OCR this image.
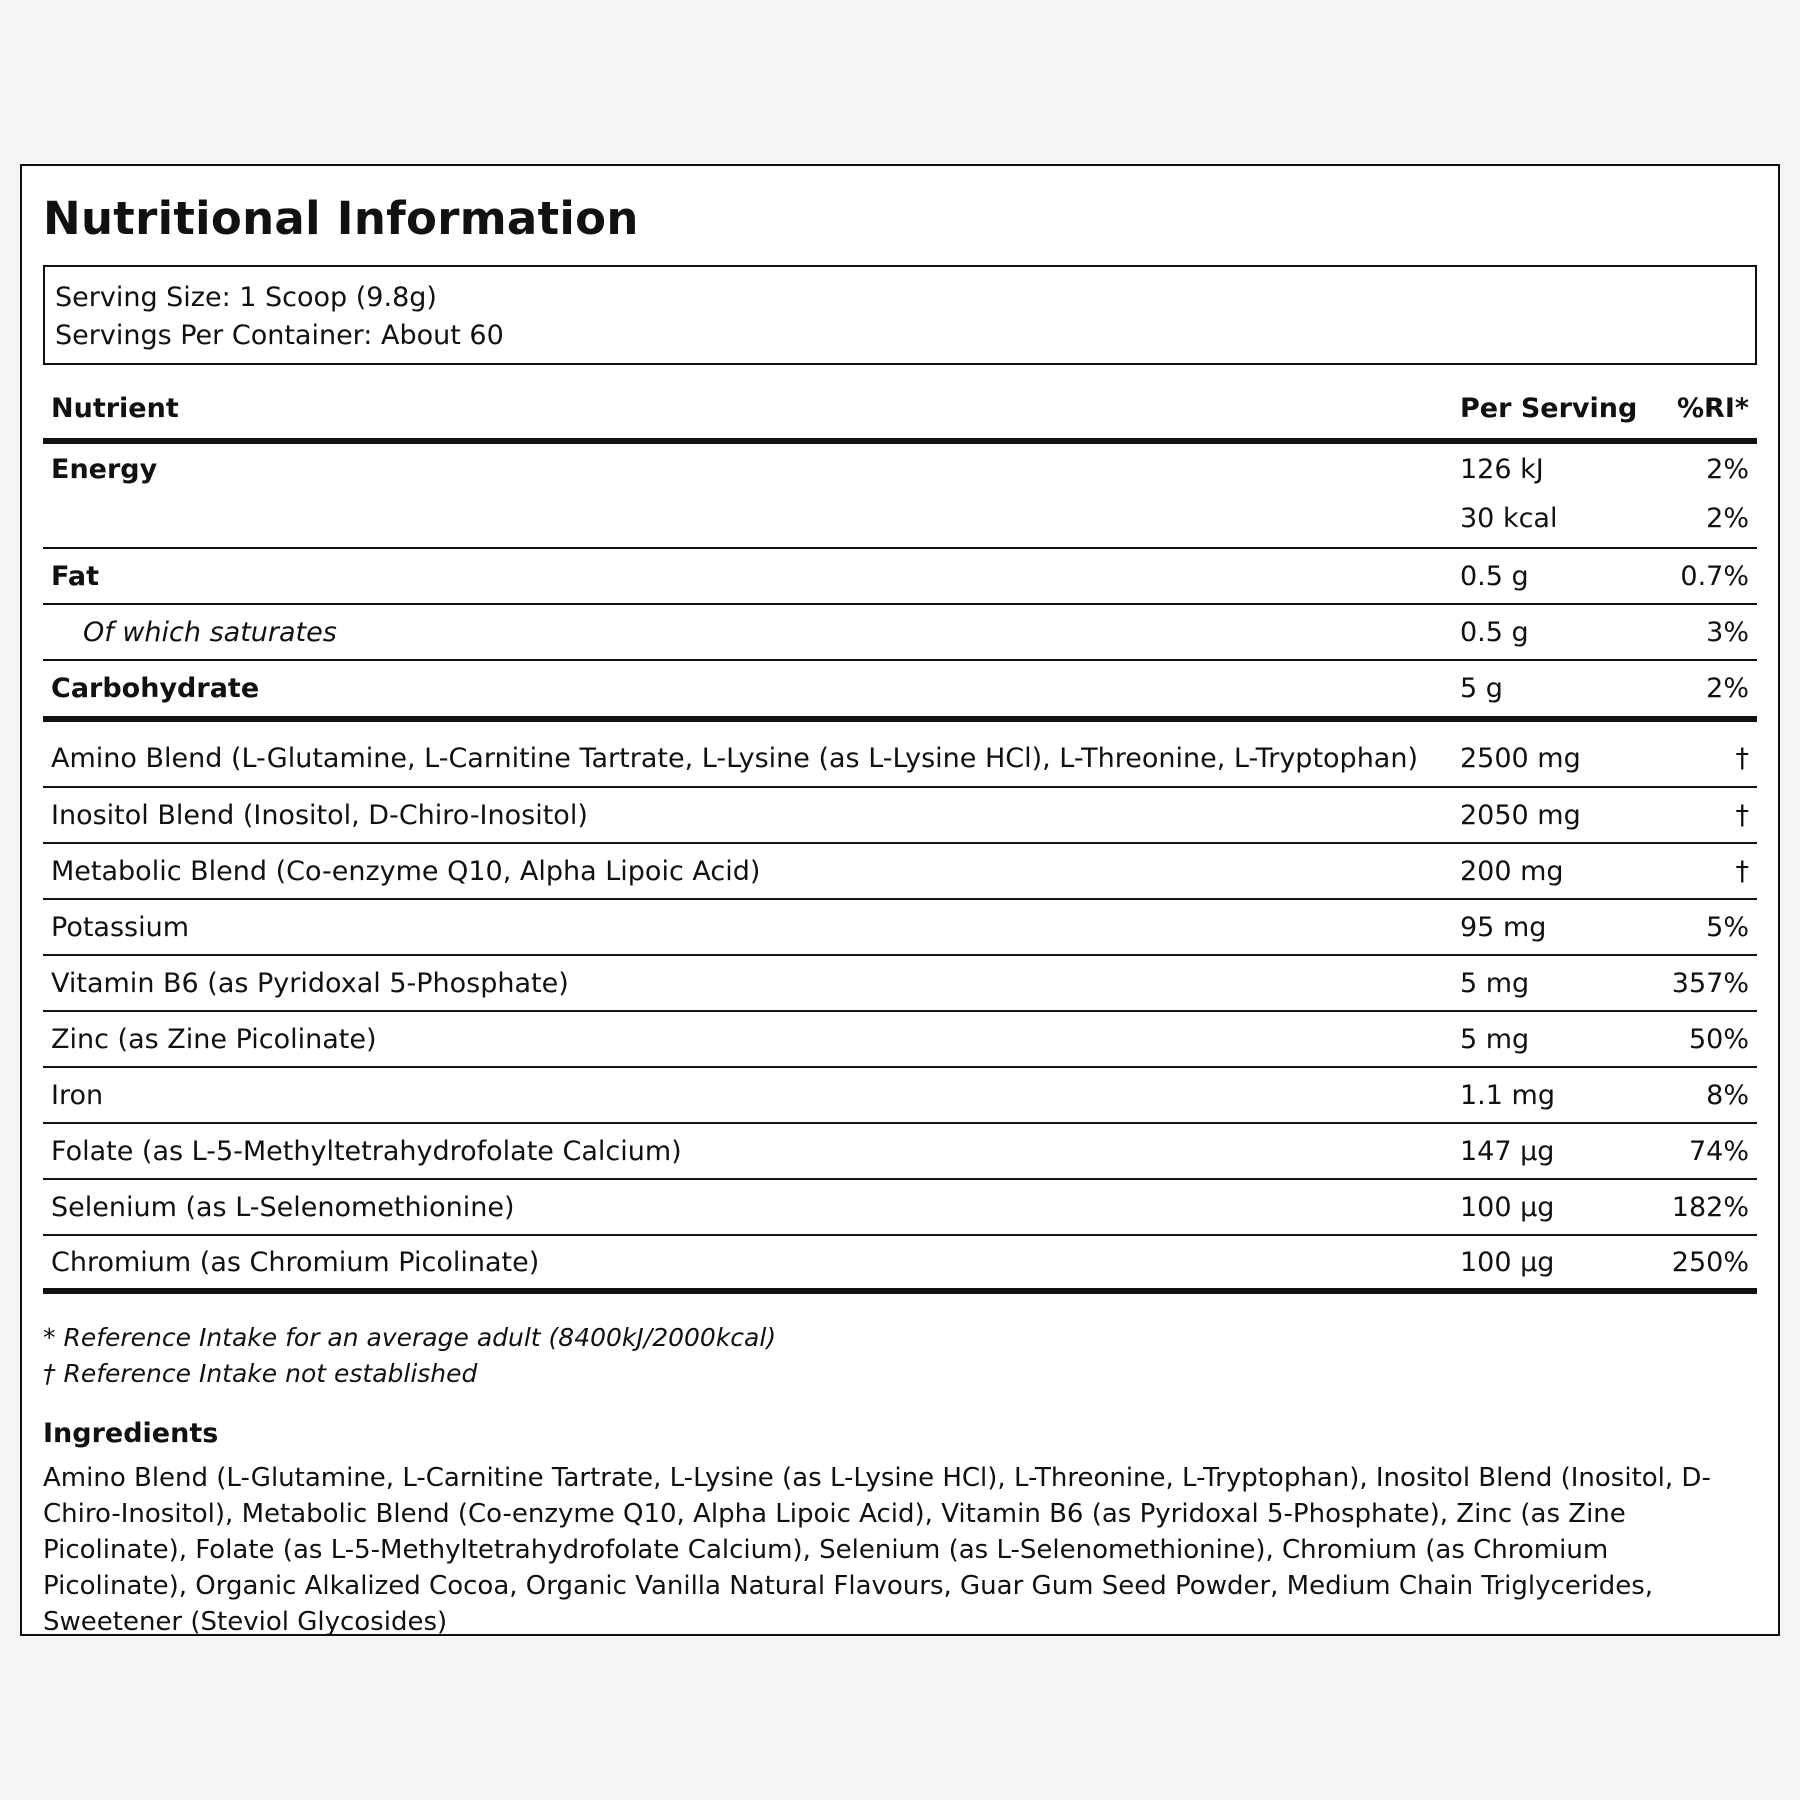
Nutritional Information
Serving Size: 1 Scoop (9.8g)
Servings Per Container: About 60
Nutrient	Per Serving	%RI*
Energy	126 kJ	2%
	30 kcal	2%
Fat	0.5 g	0.7%
Of which saturates	0.5 g	3%
Carbohydrate	5 g	2%
Amino Blend (L-Glutamine, L-Carnitine Tartrate, L-Lysine (as L-Lysine HCl), L-Threonine, L-Tryptophan)	2500 mg	†
Inositol Blend (Inositol, D-Chiro-Inositol)	2050 mg	†
Metabolic Blend (Co-enzyme Q10, Alpha Lipoic Acid)	200 mg	†
Potassium	95 mg	5%
Vitamin B6 (as Pyridoxal 5-Phosphate)	5 mg	357%
Zinc (as Zine Picolinate)	5 mg	50%
Iron	1.1 mg	8%
Folate (as L-5-Methyltetrahydrofolate Calcium)	147 µg	74%
Selenium (as L-Selenomethionine)	100 µg	182%
Chromium (as Chromium Picolinate)	100 µg	250%
* Reference Intake for an average adult (8400kJ/2000kcal)
† Reference Intake not established
Ingredients
Amino Blend (L-Glutamine, L-Carnitine Tartrate, L-Lysine (as L-Lysine HCl), L-Threonine, L-Tryptophan), Inositol Blend (Inositol, D-Chiro-Inositol), Metabolic Blend (Co-enzyme Q10, Alpha Lipoic Acid), Vitamin B6 (as Pyridoxal 5-Phosphate), Zinc (as Zine Picolinate), Folate (as L-5-Methyltetrahydrofolate Calcium), Selenium (as L-Selenomethionine), Chromium (as Chromium Picolinate), Organic Alkalized Cocoa, Organic Vanilla Natural Flavours, Guar Gum Seed Powder, Medium Chain Triglycerides, Sweetener (Steviol Glycosides)
